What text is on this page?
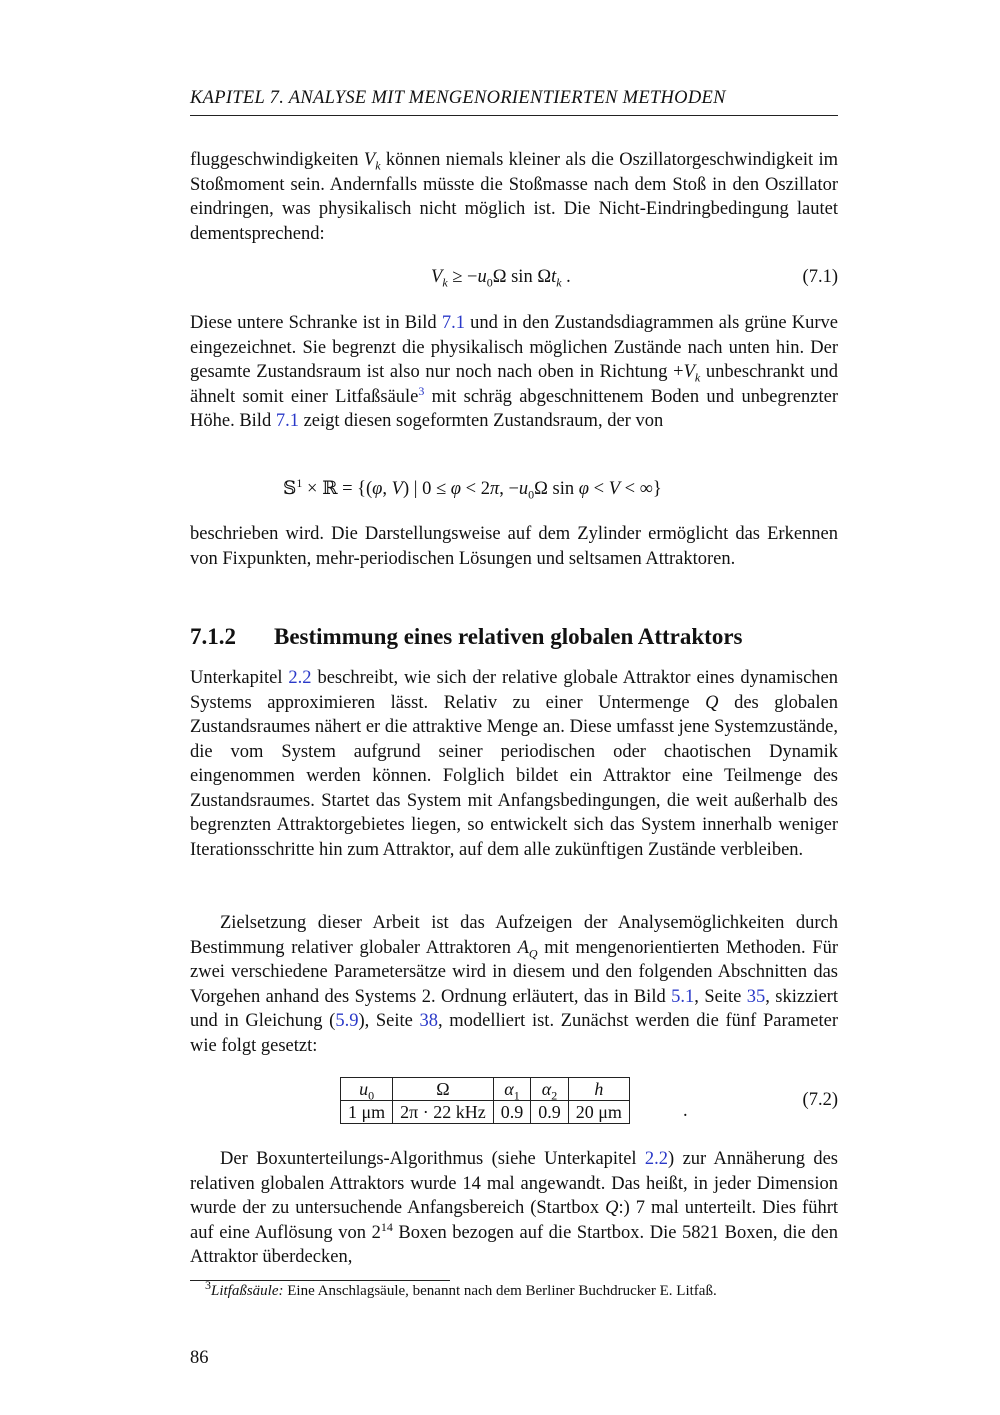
KAPITEL 7. ANALYSE MIT MENGENORIENTIERTEN METHODEN
fluggeschwindigkeiten $V_k$ können niemals kleiner als die Oszillatorgeschwindigkeit im Stoßmoment sein. Andernfalls müsste die Stoßmasse nach dem Stoß in den Oszillator eindringen, was physikalisch nicht möglich ist. Die Nicht-Eindringbedingung lautet dementsprechend:
$V_k \ge -u_0\Omega$ $\sin \Omega t_k$ .	(7.1)
Diese untere Schranke ist in Bild 7.1 und in den Zustandsdiagrammen als grüne Kurve eingezeichnet. Sie begrenzt die physikalisch möglichen Zustände nach unten hin. Der gesamte Zustandsraum ist also nur noch nach oben in Richtung $+V_k$ unbeschrankt und ähnelt somit einer Litfaßsäule$^3$ mit schräg abgeschnittenem Boden und unbegrenzter Höhe. Bild 7.1 zeigt diesen sogeformten Zustandsraum, der von
𝕊$^1$ × ℝ = {(φ, V) | 0 ≤ φ < 2π, $-u_0\Omega$ sin φ < V < ∞}
beschrieben wird. Die Darstellungsweise auf dem Zylinder ermöglicht das Erkennen von Fixpunkten, mehr-periodischen Lösungen und seltsamen Attraktoren.
7.1.2 Bestimmung eines relativen globalen Attraktors
Unterkapitel 2.2 beschreibt, wie sich der relative globale Attraktor eines dynamischen Systems approximieren lässt. Relativ zu einer Untermenge Q des globalen Zustandsraumes nähert er die attraktive Menge an. Diese umfasst jene Systemzustände, die vom System aufgrund seiner periodischen oder chaotischen Dynamik eingenommen werden können. Folglich bildet ein Attraktor eine Teilmenge des Zustandsraumes. Startet das System mit Anfangsbedingungen, die weit außerhalb des begrenzten Attraktorgebietes liegen, so entwickelt sich das System innerhalb weniger Iterationsschritte hin zum Attraktor, auf dem alle zukünftigen Zustände verbleiben.
Zielsetzung dieser Arbeit ist das Aufzeigen der Analysemöglichkeiten durch Bestimmung relativer globaler Attraktoren $A_Q$ mit mengenorientierten Methoden. Für zwei verschiedene Parametersätze wird in diesem und den folgenden Abschnitten das Vorgehen anhand des Systems 2. Ordnung erläutert, das in Bild 5.1, Seite 35, skizziert und in Gleichung (5.9), Seite 38, modelliert ist. Zunächst werden die fünf Parameter wie folgt gesetzt:
$u_0$	Ω	$\alpha_1$	$\alpha_2$	h
1 μm	2π · 22 kHz	0.9	0.9	20 μm	.
(7.2)
Der Boxunterteilungs-Algorithmus (siehe Unterkapitel 2.2) zur Annäherung des relativen globalen Attraktors wurde 14 mal angewandt. Das heißt, in jeder Dimension wurde der zu untersuchende Anfangsbereich (Startbox Q:) 7 mal unterteilt. Dies führt auf eine Auflösung von $2^{14}$ Boxen bezogen auf die Startbox. Die 5821 Boxen, die den Attraktor überdecken,
$^3$Litfaßsäule: Eine Anschlagsäule, benannt nach dem Berliner Buchdrucker E. Litfaß.
86
